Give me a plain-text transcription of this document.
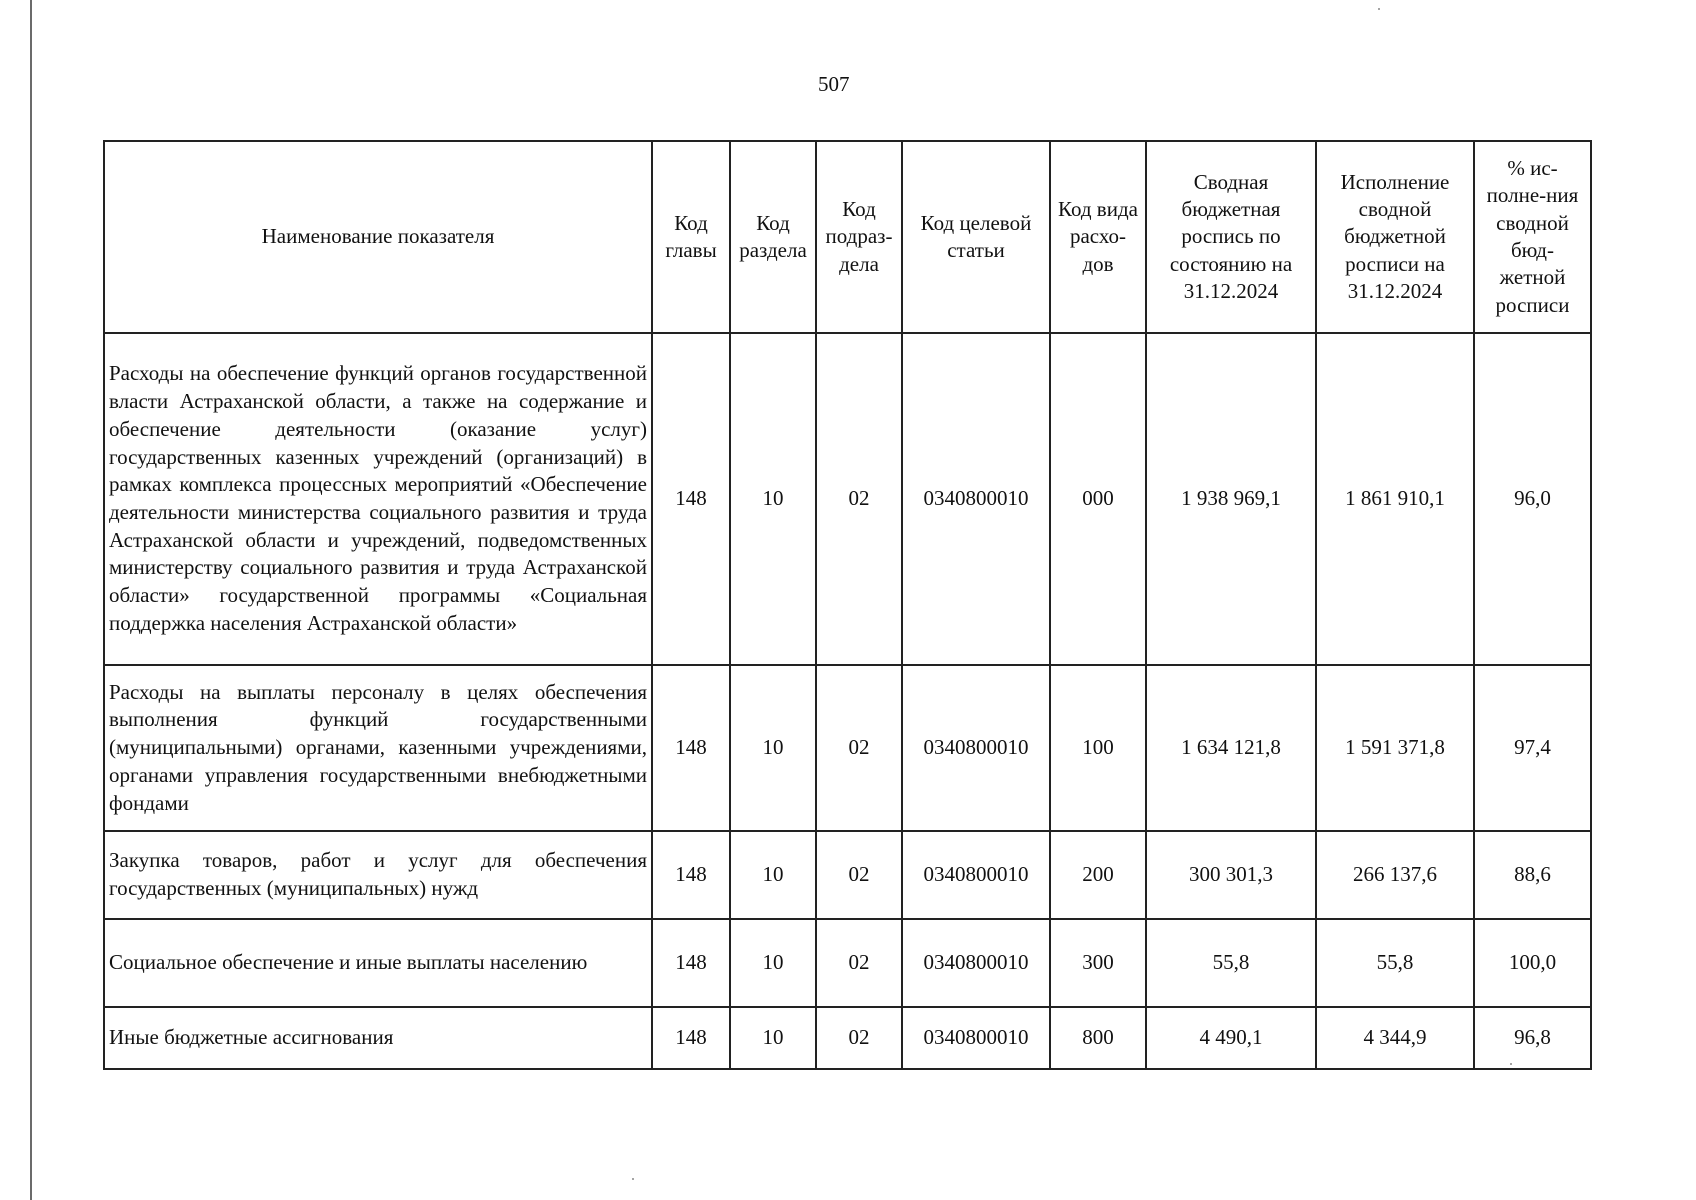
507
Наименование показателя	Код главы	Код раздела	Код подраз-дела	Код целевой статьи	Код вида расхо-дов	Сводная бюджетная роспись по состоянию на 31.12.2024	Исполнение сводной бюджетной росписи на 31.12.2024	% ис-полне-ния сводной бюд-жетной росписи
Расходы на обеспечение функций органов государственной власти Астраханской области, а также на содержание и обеспечение деятельности (оказание услуг) государственных казенных учреждений (организаций) в рамках комплекса процессных мероприятий «Обеспечение деятельности министерства социального развития и труда Астраханской области и учреждений, подведомственных министерству социального развития и труда Астраханской области» государственной программы «Социальная поддержка населения Астраханской области»	148	10	02	0340800010	000	1 938 969,1	1 861 910,1	96,0
Расходы на выплаты персоналу в целях обеспечения выполнения функций государственными (муниципальными) органами, казенными учреждениями, органами управления государственными внебюджетными фондами	148	10	02	0340800010	100	1 634 121,8	1 591 371,8	97,4
Закупка товаров, работ и услуг для обеспечения государственных (муниципальных) нужд	148	10	02	0340800010	200	300 301,3	266 137,6	88,6
Социальное обеспечение и иные выплаты населению	148	10	02	0340800010	300	55,8	55,8	100,0
Иные бюджетные ассигнования	148	10	02	0340800010	800	4 490,1	4 344,9	96,8
